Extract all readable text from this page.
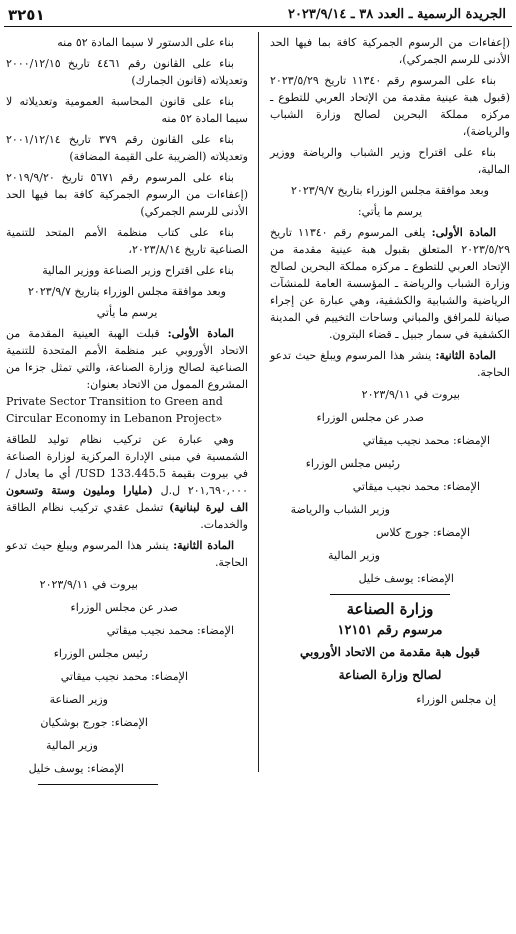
الجريدة الرسمية ـ العدد ٣٨ ـ ٢٠٢٣/٩/١٤
٣٢٥١

(إعفاءات من الرسوم الجمركية كافة بما فيها الحد الأدنى للرسم الجمركي)،

بناء على المرسوم رقم ١١٣٤٠ تاريخ ٢٠٢٣/٥/٢٩ (قبول هبة عينية مقدمة من الإتحاد العربي للتطوع ـ مركزه مملكة البحرين لصالح وزارة الشباب والرياضة)،

بناء على اقتراح وزير الشباب والرياضة ووزير المالية،

وبعد موافقة مجلس الوزراء بتاريخ ٢٠٢٣/٩/٧

يرسم ما يأتي:

المادة الأولى: يلغى المرسوم رقم ١١٣٤٠ تاريخ ٢٠٢٣/٥/٢٩ المتعلق بقبول هبة عينية مقدمة من الإتحاد العربي للتطوع ـ مركزه مملكة البحرين لصالح وزارة الشباب والرياضة ـ المؤسسة العامة للمنشآت الرياضية والشبابية والكشفية، وهي عبارة عن إجراء صيانة للمرافق والمباني وساحات التخييم في المدينة الكشفية في سمار جبيل ـ قضاء البترون.

المادة الثانية: ينشر هذا المرسوم ويبلغ حيث تدعو الحاجة.

بيروت في ٢٠٢٣/٩/١١

صدر عن مجلس الوزراء

الإمضاء: محمد نجيب ميقاتي

رئيس مجلس الوزراء

الإمضاء: محمد نجيب ميقاتي

وزير الشباب والرياضة

الإمضاء: جورج كلاس

وزير المالية

الإمضاء: يوسف خليل

وزارة الصناعة

مرسوم رقم ١٢١٥١

قبول هبة مقدمة من الاتحاد الأوروبي

لصالح وزارة الصناعة

إن مجلس الوزراء

بناء على الدستور لا سيما المادة ٥٢ منه

بناء على القانون رقم ٤٤٦١ تاريخ ٢٠٠٠/١٢/١٥ وتعديلاته (قانون الجمارك)

بناء على قانون المحاسبة العمومية وتعديلاته لا سيما المادة ٥٢ منه

بناء على القانون رقم ٣٧٩ تاريخ ٢٠٠١/١٢/١٤ وتعديلاته (الضريبة على القيمة المضافة)

بناء على المرسوم رقم ٥٦٧١ تاريخ ٢٠١٩/٩/٢٠ (إعفاءات من الرسوم الجمركية كافة بما فيها الحد الأدنى للرسم الجمركي)

بناء على كتاب منظمة الأمم المتحد للتنمية الصناعية تاريخ ٢٠٢٣/٨/١٤،

بناء على اقتراح وزير الصناعة ووزير المالية

وبعد موافقة مجلس الوزراء بتاريخ ٢٠٢٣/٩/٧

يرسم ما يأتي

المادة الأولى: قبلت الهبة العينية المقدمة من الاتحاد الأوروبي عبر منظمة الأمم المتحدة للتنمية الصناعية لصالح وزارة الصناعة، والتي تمثل جزءا من المشروع الممول من الاتحاد بعنوان:

Private Sector Transition to Green and Circular Economy in Lebanon Project»

وهي عبارة عن تركيب نظام توليد للطاقة الشمسية في مبنى الإدارة المركزية لوزارة الصناعة في بيروت بقيمة 133.445.5 USD/ أي ما يعادل /٢٠١,٦٩٠,٠٠٠ ل.ل (مليارا ومليون وستة وتسعون الف ليرة لبنانية) تشمل عقدي تركيب نظام الطاقة والخدمات.

المادة الثانية: ينشر هذا المرسوم ويبلغ حيث تدعو الحاجة.

بيروت في ٢٠٢٣/٩/١١

صدر عن مجلس الوزراء

الإمضاء: محمد نجيب ميقاتي

رئيس مجلس الوزراء

الإمضاء: محمد نجيب ميقاتي

وزير الصناعة

الإمضاء: جورج بوشكيان

وزير المالية

الإمضاء: يوسف خليل
